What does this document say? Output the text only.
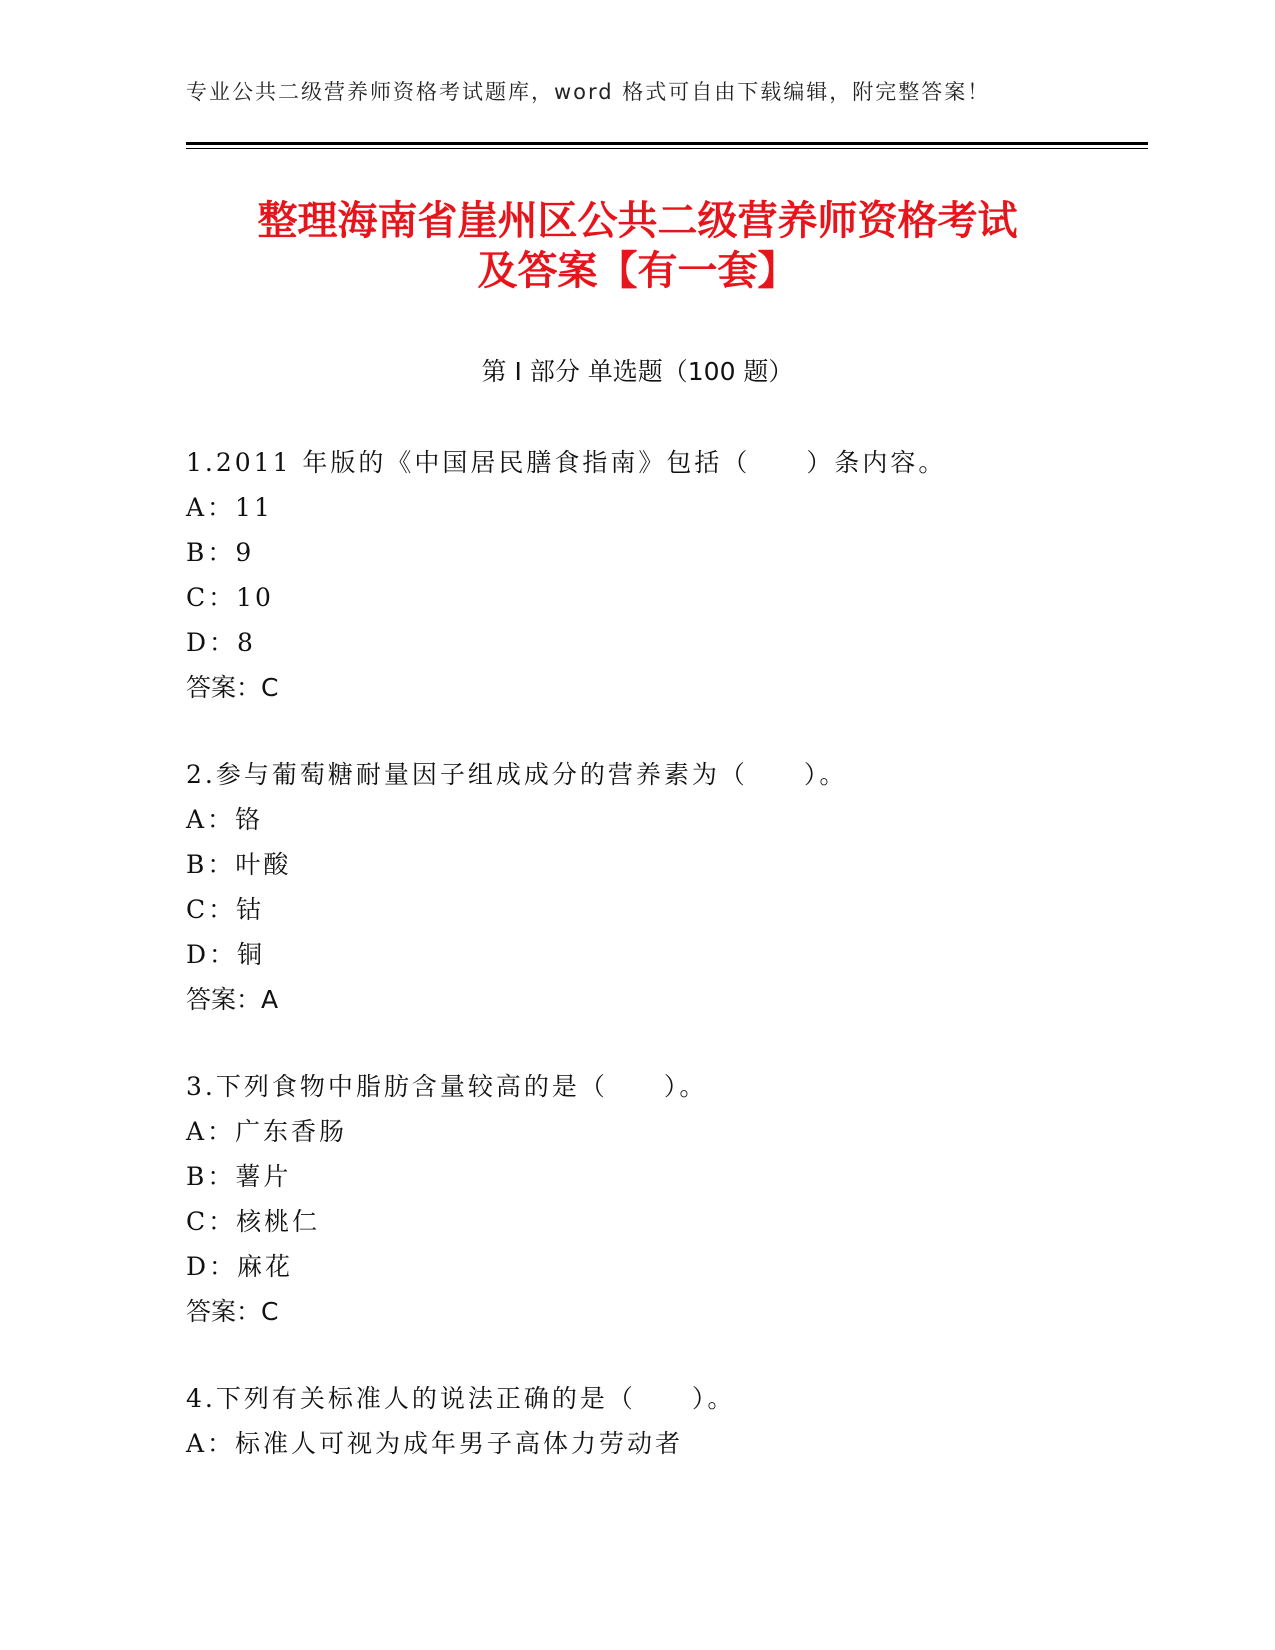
专业公共二级营养师资格考试题库，word 格式可自由下载编辑，附完整答案！
整理海南省崖州区公共二级营养师资格考试
及答案【有一套】
第 I 部分 单选题（100 题）
1.2011 年版的《中国居民膳食指南》包括（　　）条内容。
A：11
B：9
C：10
D：8
答案：C
2.参与葡萄糖耐量因子组成成分的营养素为（　　）。
A：铬
B：叶酸
C：钴
D：铜
答案：A
3.下列食物中脂肪含量较高的是（　　）。
A：广东香肠
B：薯片
C：核桃仁
D：麻花
答案：C
4.下列有关标准人的说法正确的是（　　）。
A：标准人可视为成年男子高体力劳动者
